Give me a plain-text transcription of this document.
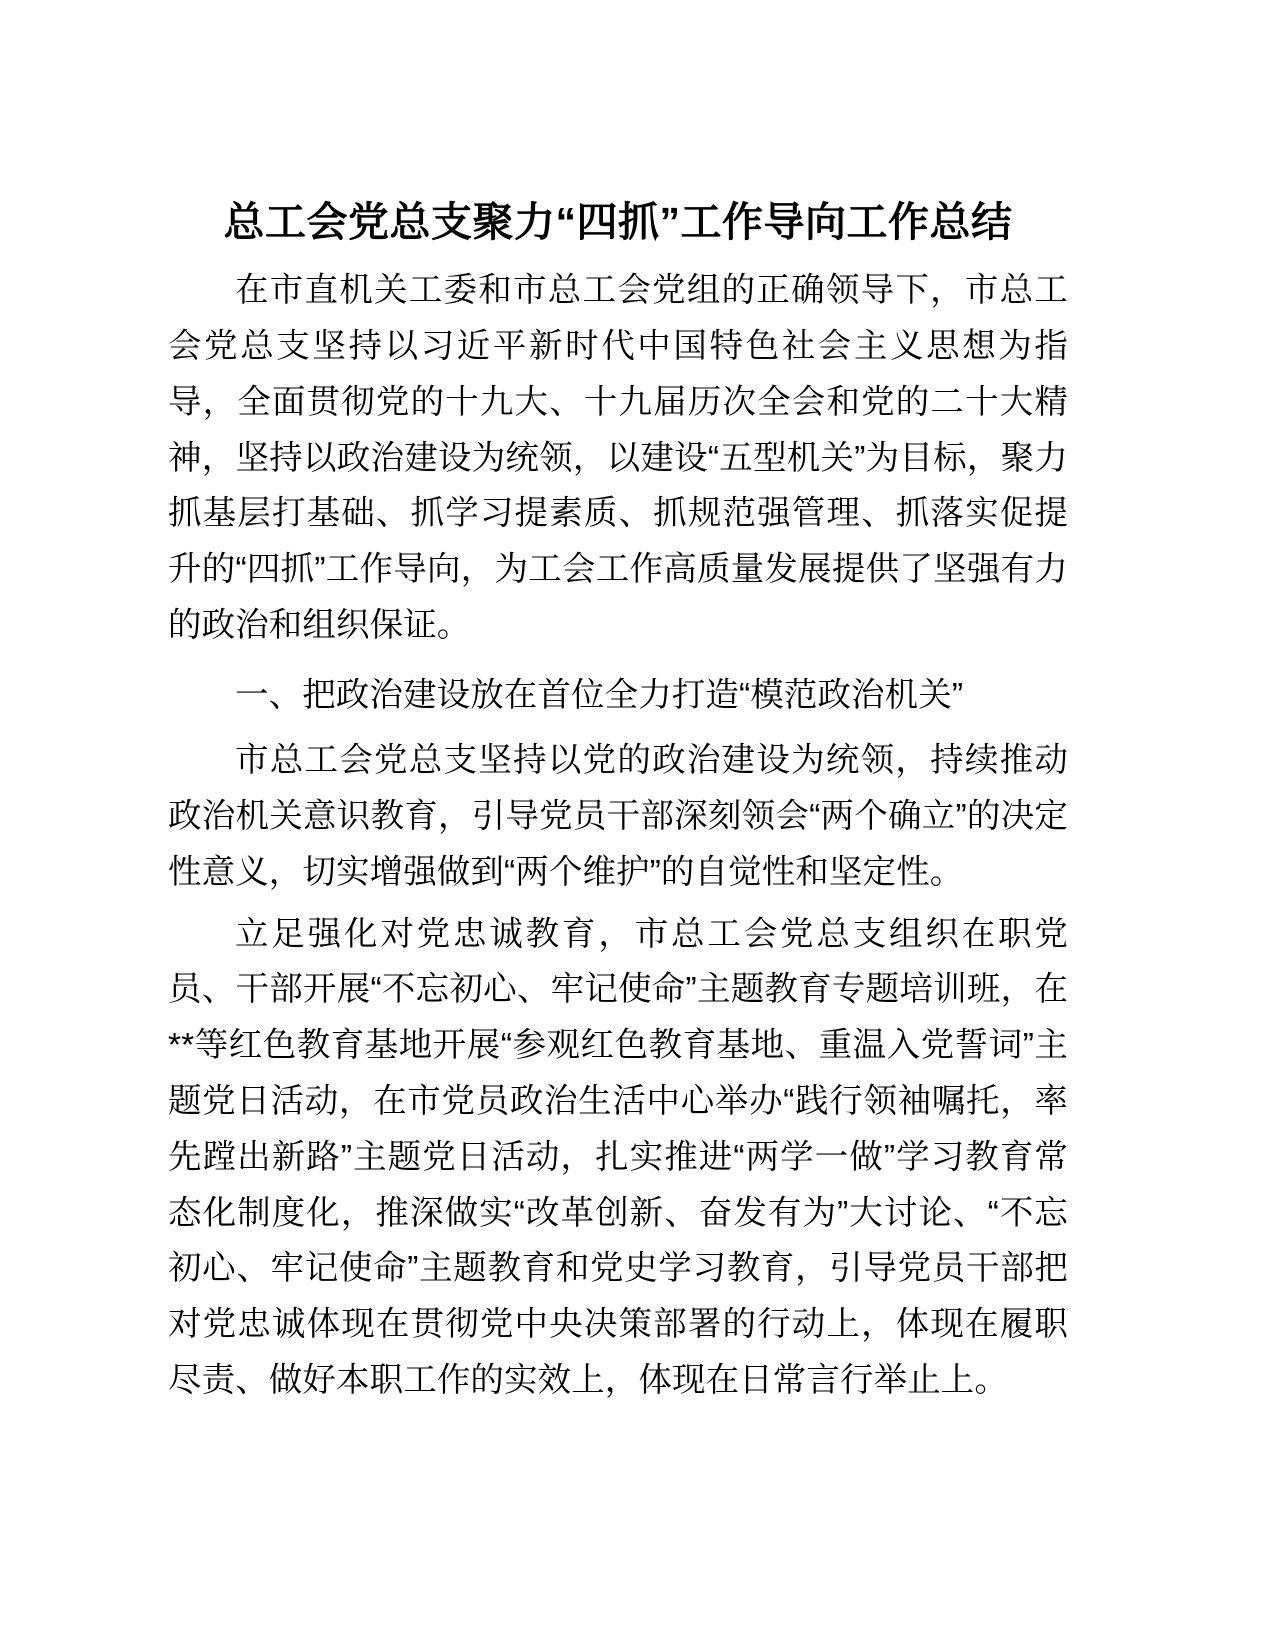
总工会党总支聚力“四抓”工作导向工作总结

在市直机关工委和市总工会党组的正确领导下，市总工会党总支坚持以习近平新时代中国特色社会主义思想为指导，全面贯彻党的十九大、十九届历次全会和党的二十大精神，坚持以政治建设为统领，以建设“五型机关”为目标，聚力抓基层打基础、抓学习提素质、抓规范强管理、抓落实促提升的“四抓”工作导向，为工会工作高质量发展提供了坚强有力的政治和组织保证。

一、把政治建设放在首位全力打造“模范政治机关”

市总工会党总支坚持以党的政治建设为统领，持续推动政治机关意识教育，引导党员干部深刻领会“两个确立”的决定性意义，切实增强做到“两个维护”的自觉性和坚定性。

立足强化对党忠诚教育，市总工会党总支组织在职党员、干部开展“不忘初心、牢记使命”主题教育专题培训班，在**等红色教育基地开展“参观红色教育基地、重温入党誓词”主题党日活动，在市党员政治生活中心举办“践行领袖嘱托，率先蹚出新路”主题党日活动，扎实推进“两学一做”学习教育常态化制度化，推深做实“改革创新、奋发有为”大讨论、“不忘初心、牢记使命”主题教育和党史学习教育，引导党员干部把对党忠诚体现在贯彻党中央决策部署的行动上，体现在履职尽责、做好本职工作的实效上，体现在日常言行举止上。
